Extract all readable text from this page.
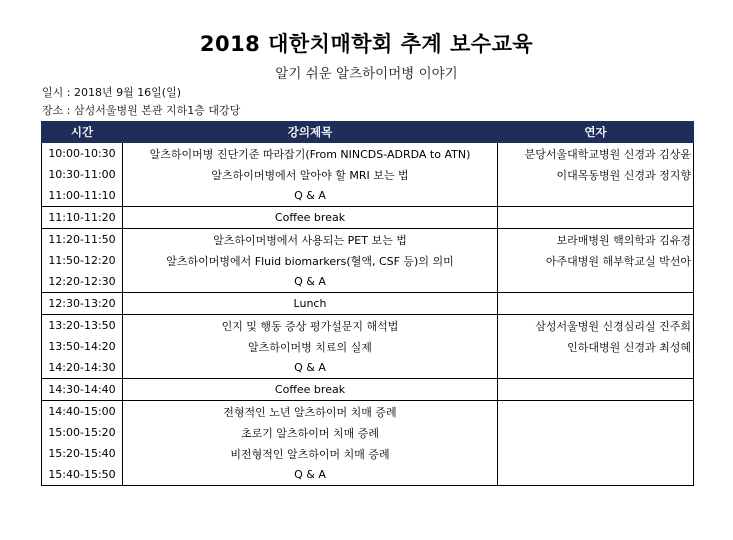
2018 대한치매학회 추계 보수교육
알기 쉬운 알츠하이머병 이야기
일시 : 2018년 9월 16일(일)
장소 : 삼성서울병원 본관 지하1층 대강당
시간	강의제목	연자
10:00-10:30	알츠하이머병 진단기준 따라잡기(From NINCDS-ADRDA to ATN)	분당서울대학교병원 신경과 김상윤
10:30-11:00	알츠하이머병에서 알아야 할 MRI 보는 법	이대목동병원 신경과 정지향
11:00-11:10	Q & A	
11:10-11:20	Coffee break	
11:20-11:50	알츠하이머병에서 사용되는 PET 보는 법	보라매병원 핵의학과 김유경
11:50-12:20	알츠하이머병에서 Fluid biomarkers(혈액, CSF 등)의 의미	아주대병원 해부학교실 박선아
12:20-12:30	Q & A	
12:30-13:20	Lunch	
13:20-13:50	인지 및 행동 증상 평가설문지 해석법	삼성서울병원 신경심리실 진주희
13:50-14:20	알츠하이머병 치료의 실제	인하대병원 신경과 최성혜
14:20-14:30	Q & A	
14:30-14:40	Coffee break	
14:40-15:00	전형적인 노년 알츠하이머 치매 증례	
15:00-15:20	초로기 알츠하이머 치매 증례	
15:20-15:40	비전형적인 알츠하이머 치매 증례	
15:40-15:50	Q & A	
